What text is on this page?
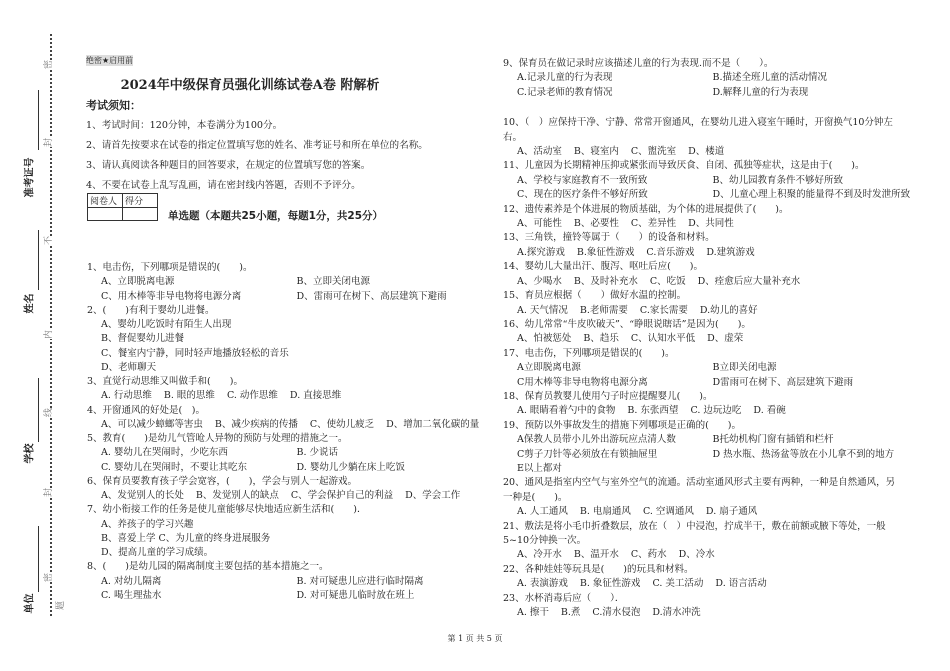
绝密★启用前
2024年中级保育员强化训练试卷A卷 附解析
考试须知：
1、考试时间：120分钟，本卷满分为100分。
2、请首先按要求在试卷的指定位置填写您的姓名、准考证号和所在单位的名称。
3、请认真阅读各种题目的回答要求，在规定的位置填写您的答案。
4、不要在试卷上乱写乱画，请在密封线内答题，否则不予评分。
阅卷人	得分

单选题（本题共25小题，每题1分，共25分）
准考证号
姓名
学校
单位
密
封
不
内
线
封
密
题
1、电击伤，下列哪项是错误的(　　)。
A、立即脱离电源	B、立即关闭电源
C、用木棒等非导电物将电源分离	D、雷雨可在树下、高层建筑下避雨
2、(　　)有利于婴幼儿进餐。
A、婴幼儿吃饭时有陌生人出现
B、督促婴幼儿进餐
C、餐室内宁静，同时轻声地播放轻松的音乐
D、老师聊天
3、直觉行动思维又叫做手和(　　)。
A. 行动思维 B. 眼的思维 C. 动作思维 D. 直接思维
4、开窗通风的好处是(　)。
A、可以减少蟑螂等害虫 B、减少疾病的传播 C、使幼儿疲乏 D、增加二氧化碳的量
5、教育(　　)是幼儿气管呛人异物的预防与处理的措施之一。
A. 婴幼儿在哭闹时，少吃东西	B. 少说话
C. 婴幼儿在哭闹时，不要让其吃东	D. 婴幼儿少躺在床上吃饭
6、保育员要教育孩子学会宽容，(　　)，学会与别人一起游戏。
A、发觉别人的长处 B、发觉别人的缺点 C、学会保护自己的利益 D、学会工作
7、幼小衔接工作的任务是使儿童能够尽快地适应新生活和(　　)．
A、养孩子的学习兴趣
B、喜爱上学 C、为儿童的终身进展服务
D、提高儿童的学习成绩。
8、(　　)是幼儿园的隔离制度主要包括的基本措施之一。
A. 对幼儿隔离	B. 对可疑患儿应进行临时隔离
C. 喝生理盐水	D. 对可疑患儿临时放在班上
9、保育员在做记录时应该描述儿童的行为表现.而不是（　　）。
A.记录儿童的行为表现	B.描述全班儿童的活动情况
C.记录老师的教育情况	D.解释儿童的行为表现
10、（　）应保持干净、宁静、常常开窗通风，在婴幼儿进入寝室午睡时，开窗换气10分钟左
右。
A、活动室 B、寝室内 C、盥洗室 D、楼道
11、儿童因为长期精神压抑或紧张而导致厌食、自闭、孤独等症状，这是由于(　　)。
A、学校与家庭教育不一致所致	B、幼儿园教育条件不够好所致
C、现在的医疗条件不够好所致	D、儿童心理上积聚的能量得不到及时发泄所致
12、遗传素养是个体进展的物质基础，为个体的进展提供了(　　)。
A、可能性 B、必要性 C、差异性 D、共同性
13、三角铁，撞铃等属于（　　）的设备和材料。
A.探究游戏 B.象征性游戏 C.音乐游戏 D.建筑游戏
14、婴幼儿大量出汗、腹泻、呕吐后应(　　)。
A、少喝水 B、及时补充水 C、吃饭 D、痊愈后应大量补充水
15、育员应根据（　　）做好水温的控制。
A. 天气情况 B.老师需要 C.家长需要 D.幼儿的喜好
16、幼儿常常“牛皮吹破天”、“睁眼说瞎话”是因为(　　)。
A、怕被惩处 B、趋乐 C、认知水平低 D、虚荣
17、电击伤，下列哪项是错误的(　　)。
A立即脱离电源	B立即关闭电源
C用木棒等非导电物将电源分离	D雷雨可在树下、高层建筑下避雨
18、保育员教婴儿使用勺子时应提醒婴儿(　　)。
A. 眼睛看着勺中的食物 B. 东张西望 C. 边玩边吃 D. 看碗
19、预防以外事故发生的措施下列哪项是正确的(　　)。
A保教人员带小儿外出游玩应点清人数	B托幼机构门窗有插销和栏杆
C剪子刀针等必须放在有锁抽屉里	D 热水瓶、热汤盆等放在小儿拿不到的地方
E以上都对
20、通风是指室内空气与室外空气的流通。活动室通风形式主要有两种，一种是自然通风，另
一种是(　　)。
A. 人工通风 B. 电扇通风 C. 空调通风 D. 扇子通风
21、敷法是将小毛巾折叠数层，放在（　）中浸泡，拧成半干，敷在前额或腋下等处，一般
5~10分钟换一次。
A、冷开水 B、温开水 C、药水 D、冷水
22、各种娃娃等玩具是(　　)的玩具和材料。
A. 表演游戏 B. 象征性游戏 C. 美工活动 D. 语言活动
23、水杯消毒后应（　　）．
A. 擦干 B.煮 C.清水侵泡 D.清水冲洗
第 1 页 共 5 页
